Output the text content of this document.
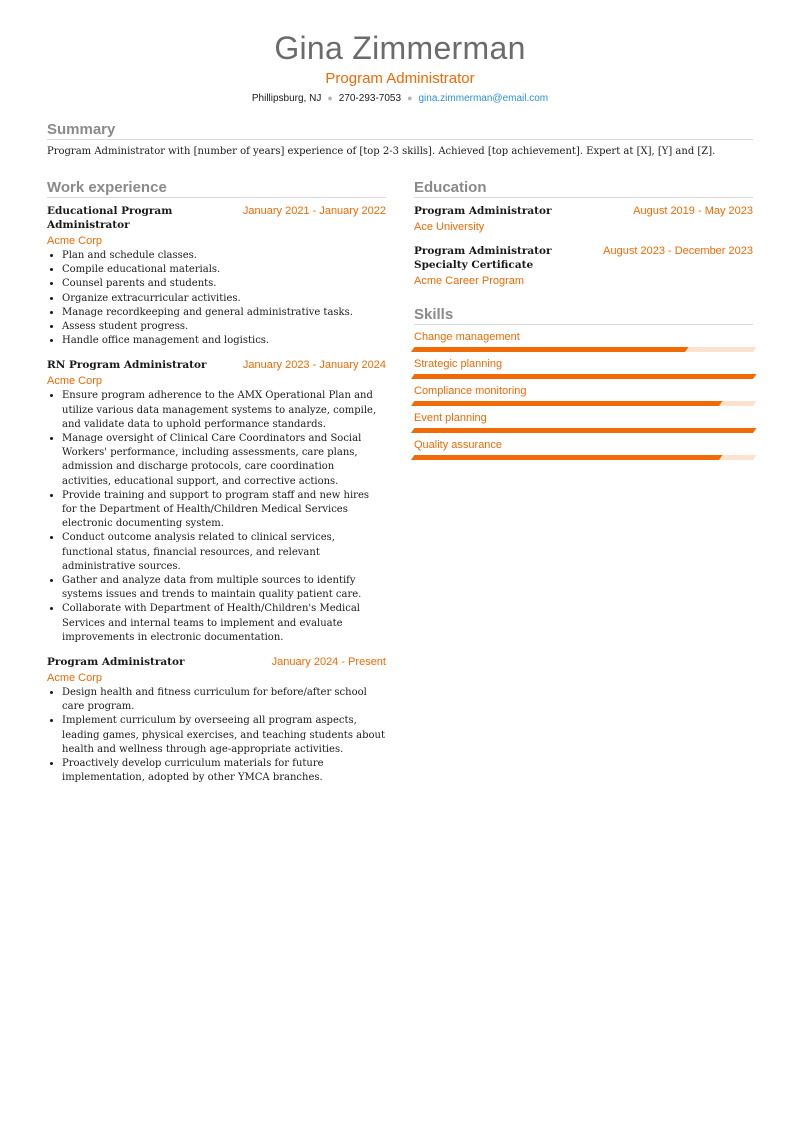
Gina Zimmerman
Program Administrator
Phillipsburg, NJ ● 270-293-7053 ● gina.zimmerman@email.com
Summary
Program Administrator with [number of years] experience of [top 2-3 skills]. Achieved [top achievement]. Expert at [X], [Y] and [Z].
Work experience
Educational Program Administrator
January 2021 - January 2022
Acme Corp
• Plan and schedule classes.
• Compile educational materials.
• Counsel parents and students.
• Organize extracurricular activities.
• Manage recordkeeping and general administrative tasks.
• Assess student progress.
• Handle office management and logistics.
RN Program Administrator	January 2023 - January 2024
Acme Corp
• Ensure program adherence to the AMX Operational Plan and utilize various data management systems to analyze, compile, and validate data to uphold performance standards.
• Manage oversight of Clinical Care Coordinators and Social Workers' performance, including assessments, care plans, admission and discharge protocols, care coordination activities, educational support, and corrective actions.
• Provide training and support to program staff and new hires for the Department of Health/Children Medical Services electronic documenting system.
• Conduct outcome analysis related to clinical services, functional status, financial resources, and relevant administrative sources.
• Gather and analyze data from multiple sources to identify systems issues and trends to maintain quality patient care.
• Collaborate with Department of Health/Children's Medical Services and internal teams to implement and evaluate improvements in electronic documentation.
Program Administrator	January 2024 - Present
Acme Corp
• Design health and fitness curriculum for before/after school care program.
• Implement curriculum by overseeing all program aspects, leading games, physical exercises, and teaching students about health and wellness through age-appropriate activities.
• Proactively develop curriculum materials for future implementation, adopted by other YMCA branches.
Education
Program Administrator	August 2019 - May 2023
Ace University
Program Administrator Specialty Certificate
August 2023 - December 2023
Acme Career Program
Skills
Change management
Strategic planning
Compliance monitoring
Event planning
Quality assurance
